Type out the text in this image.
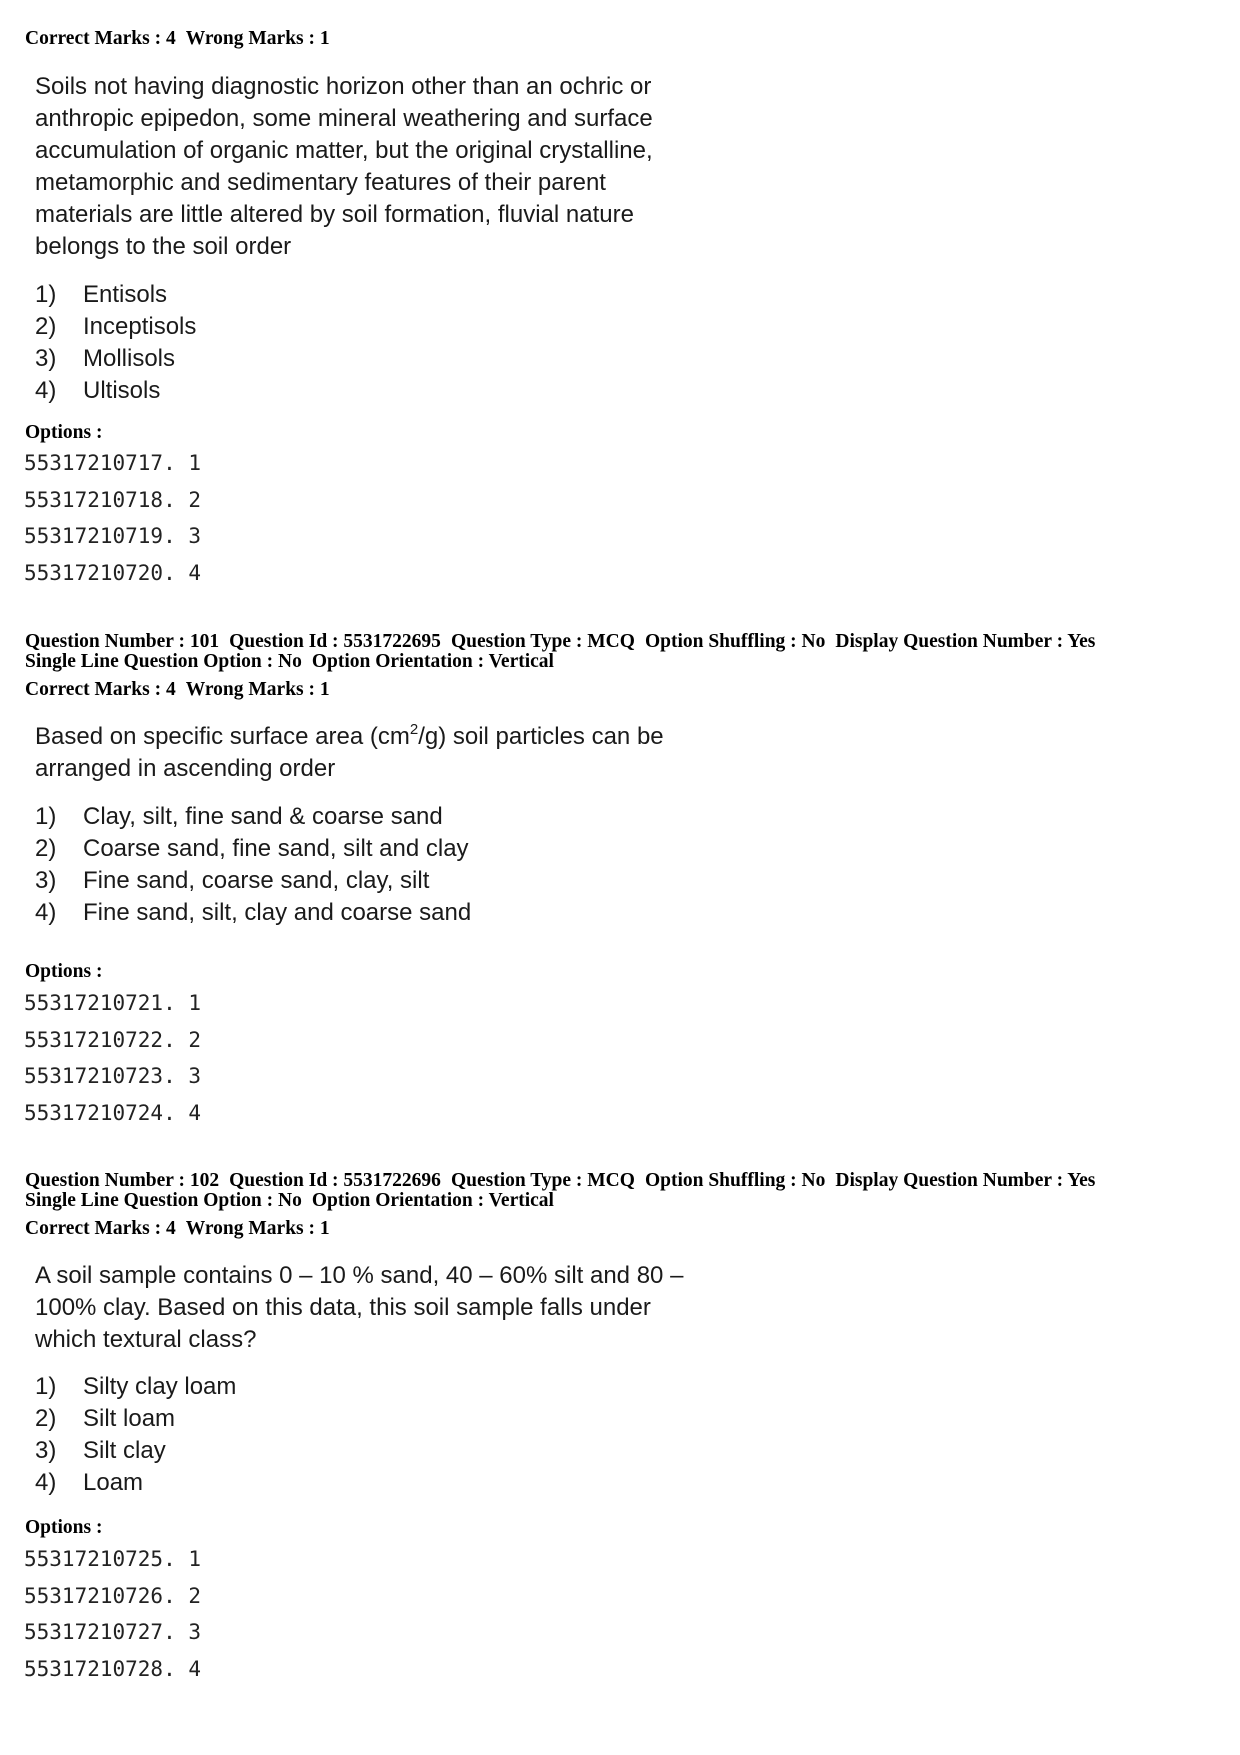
Correct Marks : 4 Wrong Marks : 1
Soils not having diagnostic horizon other than an ochric or
anthropic epipedon, some mineral weathering and surface
accumulation of organic matter, but the original crystalline,
metamorphic and sedimentary features of their parent
materials are little altered by soil formation, fluvial nature
belongs to the soil order
1) Entisols
2) Inceptisols
3) Mollisols
4) Ultisols
Options :
55317210717. 1
55317210718. 2
55317210719. 3
55317210720. 4
Question Number : 101 Question Id : 5531722695 Question Type : MCQ Option Shuffling : No Display Question Number : Yes
Single Line Question Option : No Option Orientation : Vertical
Correct Marks : 4 Wrong Marks : 1
Based on specific surface area $(cm^2/g)$ soil particles can be
arranged in ascending order
1) Clay, silt, fine sand & coarse sand
2) Coarse sand, fine sand, silt and clay
3) Fine sand, coarse sand, clay, silt
4) Fine sand, silt, clay and coarse sand
Options :
55317210721. 1
55317210722. 2
55317210723. 3
55317210724. 4
Question Number : 102 Question Id : 5531722696 Question Type : MCQ Option Shuffling : No Display Question Number : Yes
Single Line Question Option : No Option Orientation : Vertical
Correct Marks : 4 Wrong Marks : 1
A soil sample contains 0 – 10 % sand, 40 – 60% silt and 80 –
100% clay. Based on this data, this soil sample falls under
which textural class?
1) Silty clay loam
2) Silt loam
3) Silt clay
4) Loam
Options :
55317210725. 1
55317210726. 2
55317210727. 3
55317210728. 4
